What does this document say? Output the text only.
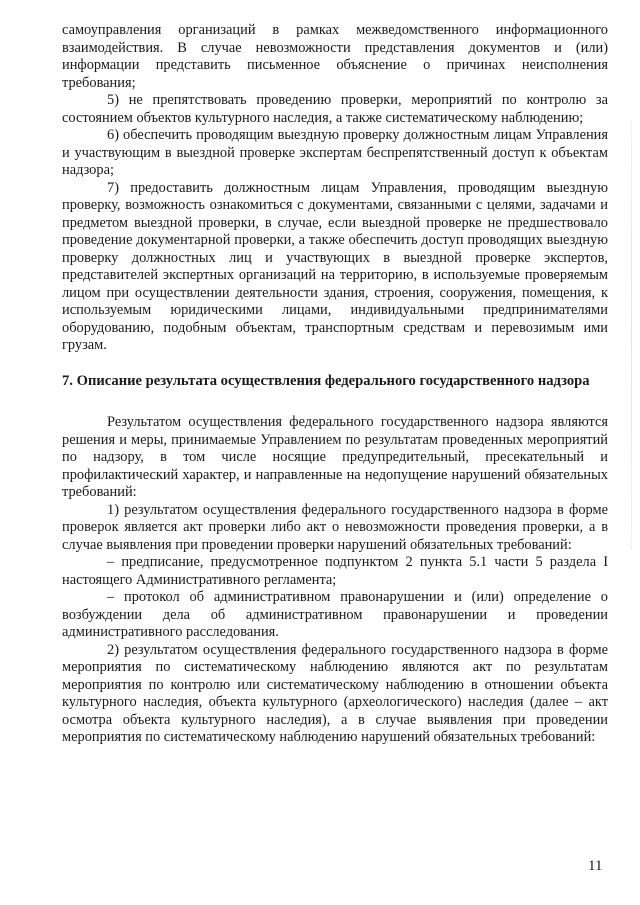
самоуправления организаций в рамках межведомственного информационного взаимодействия. В случае невозможности представления документов и (или) информации представить письменное объяснение о причинах неисполнения требования;

5) не препятствовать проведению проверки, мероприятий по контролю за состоянием объектов культурного наследия, а также систематическому наблюдению;

6) обеспечить проводящим выездную проверку должностным лицам Управления и участвующим в выездной проверке экспертам беспрепятственный доступ к объектам надзора;

7) предоставить должностным лицам Управления, проводящим выездную проверку, возможность ознакомиться с документами, связанными с целями, задачами и предметом выездной проверки, в случае, если выездной проверке не предшествовало проведение документарной проверки, а также обеспечить доступ проводящих выездную проверку должностных лиц и участвующих в выездной проверке экспертов, представителей экспертных организаций на территорию, в используемые проверяемым лицом при осуществлении деятельности здания, строения, сооружения, помещения, к используемым юридическими лицами, индивидуальными предпринимателями оборудованию, подобным объектам, транспортным средствам и перевозимым ими грузам.

7. Описание результата осуществления федерального государственного надзора

Результатом осуществления федерального государственного надзора являются решения и меры, принимаемые Управлением по результатам проведенных мероприятий по надзору, в том числе носящие предупредительный, пресекательный и профилактический характер, и направленные на недопущение нарушений обязательных требований:

1) результатом осуществления федерального государственного надзора в форме проверок является акт проверки либо акт о невозможности проведения проверки, а в случае выявления при проведении проверки нарушений обязательных требований:

– предписание, предусмотренное подпунктом 2 пункта 5.1 части 5 раздела I настоящего Административного регламента;

– протокол об административном правонарушении и (или) определение о возбуждении дела об административном правонарушении и проведении административного расследования.

2) результатом осуществления федерального государственного надзора в форме мероприятия по систематическому наблюдению являются акт по результатам мероприятия по контролю или систематическому наблюдению в отношении объекта культурного наследия, объекта культурного (археологического) наследия (далее – акт осмотра объекта культурного наследия), а в случае выявления при проведении мероприятия по систематическому наблюдению нарушений обязательных требований:

11
